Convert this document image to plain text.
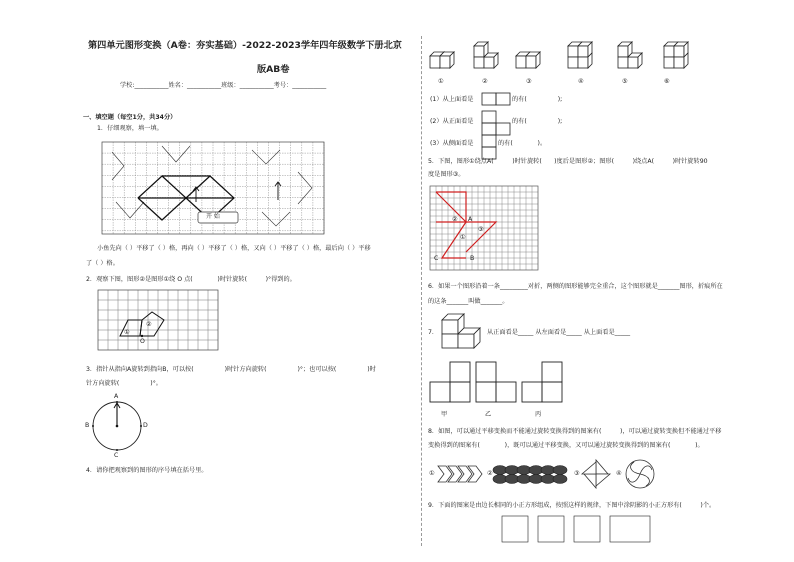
第四单元图形变换（A卷：夯实基础）-2022-2023学年四年级数学下册北京
版AB卷
学校:___________姓名：___________班级：___________考号：___________
一、填空题（每空1分，共34分）
1．仔细观察，填一填。
开 始
小鱼先向（ ）平移了（ ）格，再向（ ）平移了（ ）格，又向（ ）平移了（ ）格，最后向（ ）平移
了（ ）格。
2．观察下图，图形②是图形①绕 O 点(　　　　)时针旋转(　　　)°得到的。
①
②
O
3．指针从指向A旋转到指向B，可以按(　　　　　)时针方向旋转(　　　　　)°；也可以按(　　　　　)时
针方向旋转(　　　　　)°。
A
B
C
D
4．请你把观察到的图形的序号填在括号里。
①	②	③	④	⑤	⑥
(1）从上面看是	的有(　　　　　);
(2）从正面看是	的有(　　　　　);
(3）从侧面看是	的有(　　　　)。
5．下图，图形①绕点A(　　　)时针旋转(　　)度后是图形②；图形(　　　)绕点A(　　　)时针旋转90
度是图形③。
② A
③
①
C	B
6．如果一个图形沿着一条_________对折，两侧的图形能够完全重合，这个图形就是_______图形，折痕所在
的这条_______叫做_______。
7．	从正面看是_____ 从左面看是_____ 从上面看是_____
甲	乙	丙
8．如图，可以通过平移变换而不能通过旋转变换得到的图案有(　　　)，可以通过旋转变换但不能通过平移
变换得到的图案有(　　　　)，既可以通过平移变换，又可以通过旋转变换得到的图案有(　　　　)。
①	②	③	④
9．下面的图案是由边长相同的小正方形组成，按照这样的规律，下图中涂阴影的小正方形有(　　　)个。
